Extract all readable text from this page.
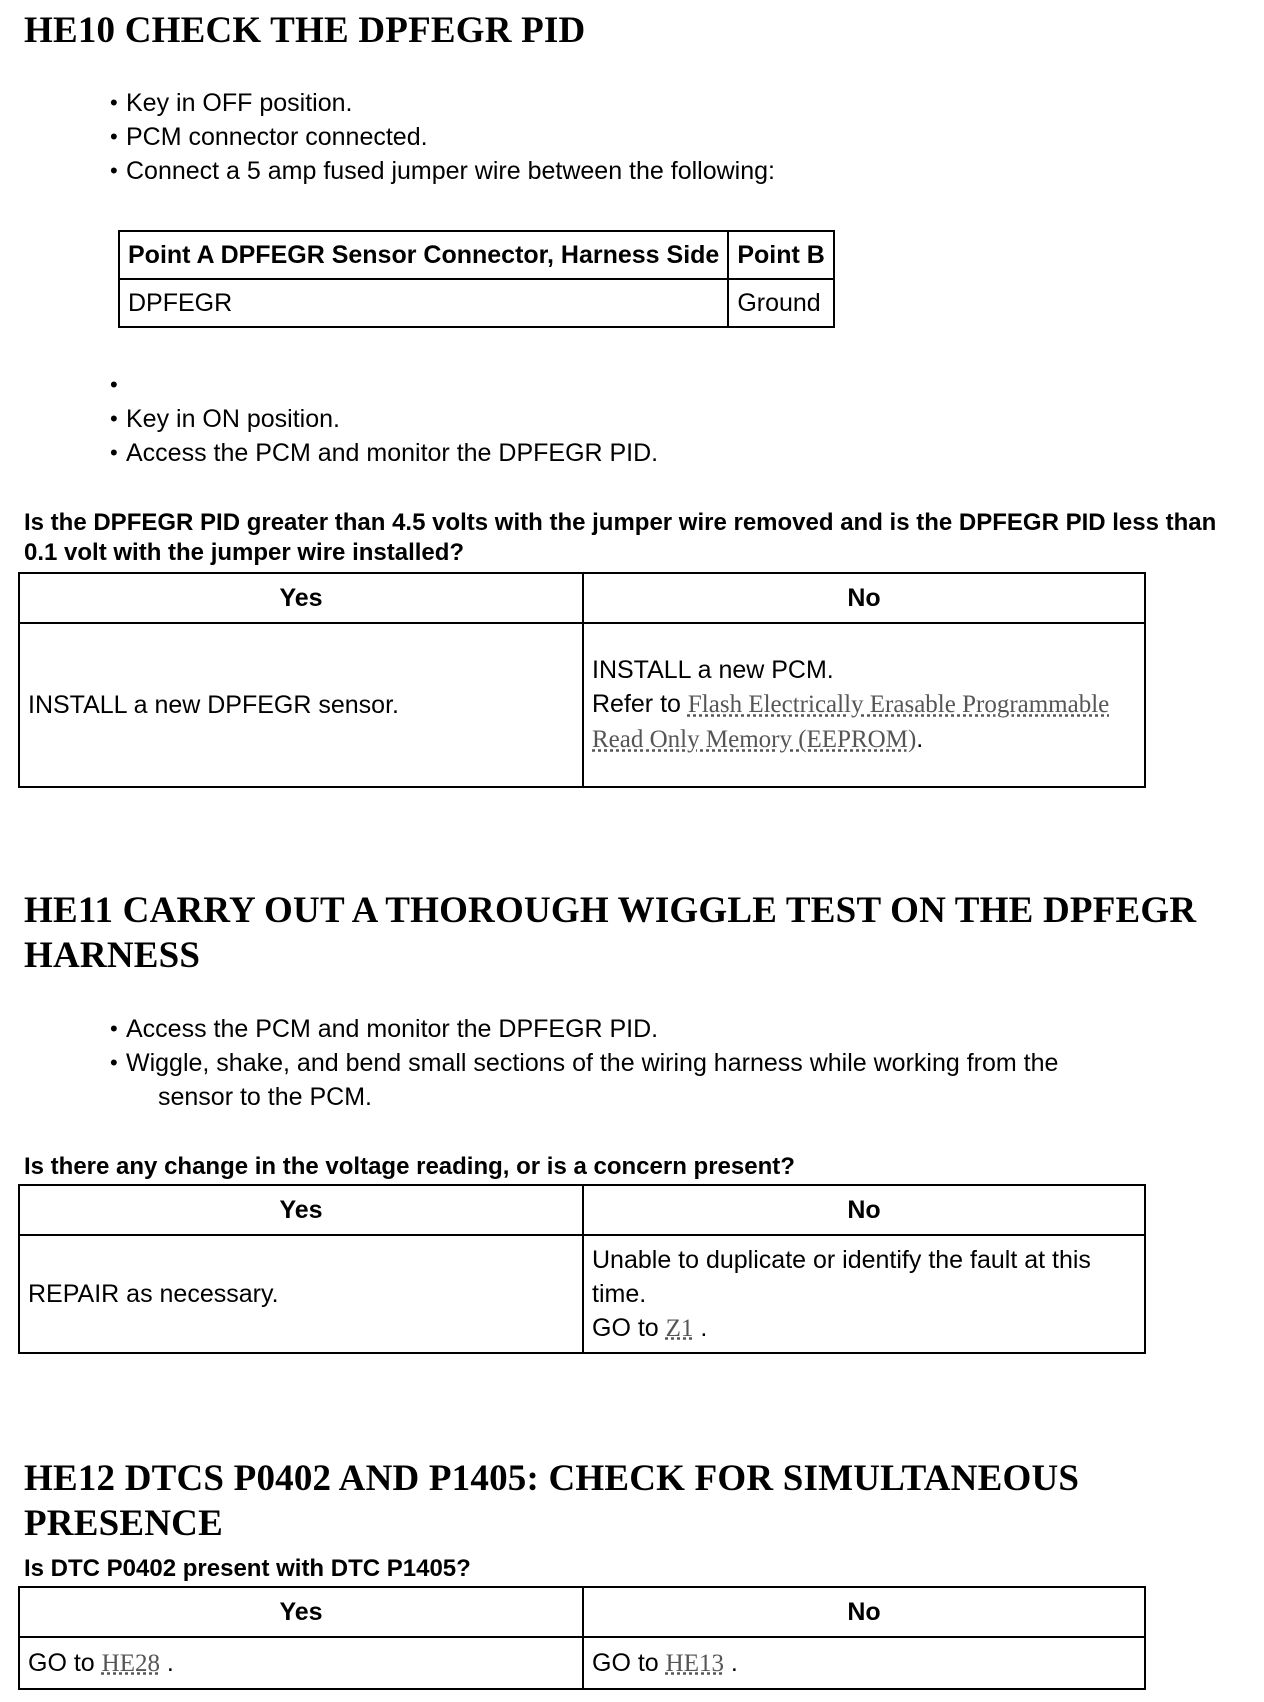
HE10 CHECK THE DPFEGR PID
• Key in OFF position.
• PCM connector connected.
• Connect a 5 amp fused jumper wire between the following:
Point A DPFEGR Sensor Connector, Harness Side	Point B
DPFEGR	Ground
•
• Key in ON position.
• Access the PCM and monitor the DPFEGR PID.

Is the DPFEGR PID greater than 4.5 volts with the jumper wire removed and is the DPFEGR PID less than 0.1 volt with the jumper wire installed?

Yes	No
INSTALL a new DPFEGR sensor.	INSTALL a new PCM.
Refer to Flash Electrically Erasable Programmable Read Only Memory (EEPROM).
HE11 CARRY OUT A THOROUGH WIGGLE TEST ON THE DPFEGR HARNESS
• Access the PCM and monitor the DPFEGR PID.
• Wiggle, shake, and bend small sections of the wiring harness while working from the
sensor to the PCM.

Is there any change in the voltage reading, or is a concern present?

Yes	No
REPAIR as necessary.	Unable to duplicate or identify the fault at this time.
GO to Z1 .
HE12 DTCS P0402 AND P1405: CHECK FOR SIMULTANEOUS PRESENCE

Is DTC P0402 present with DTC P1405?

Yes	No
GO to HE28 .	GO to HE13 .
